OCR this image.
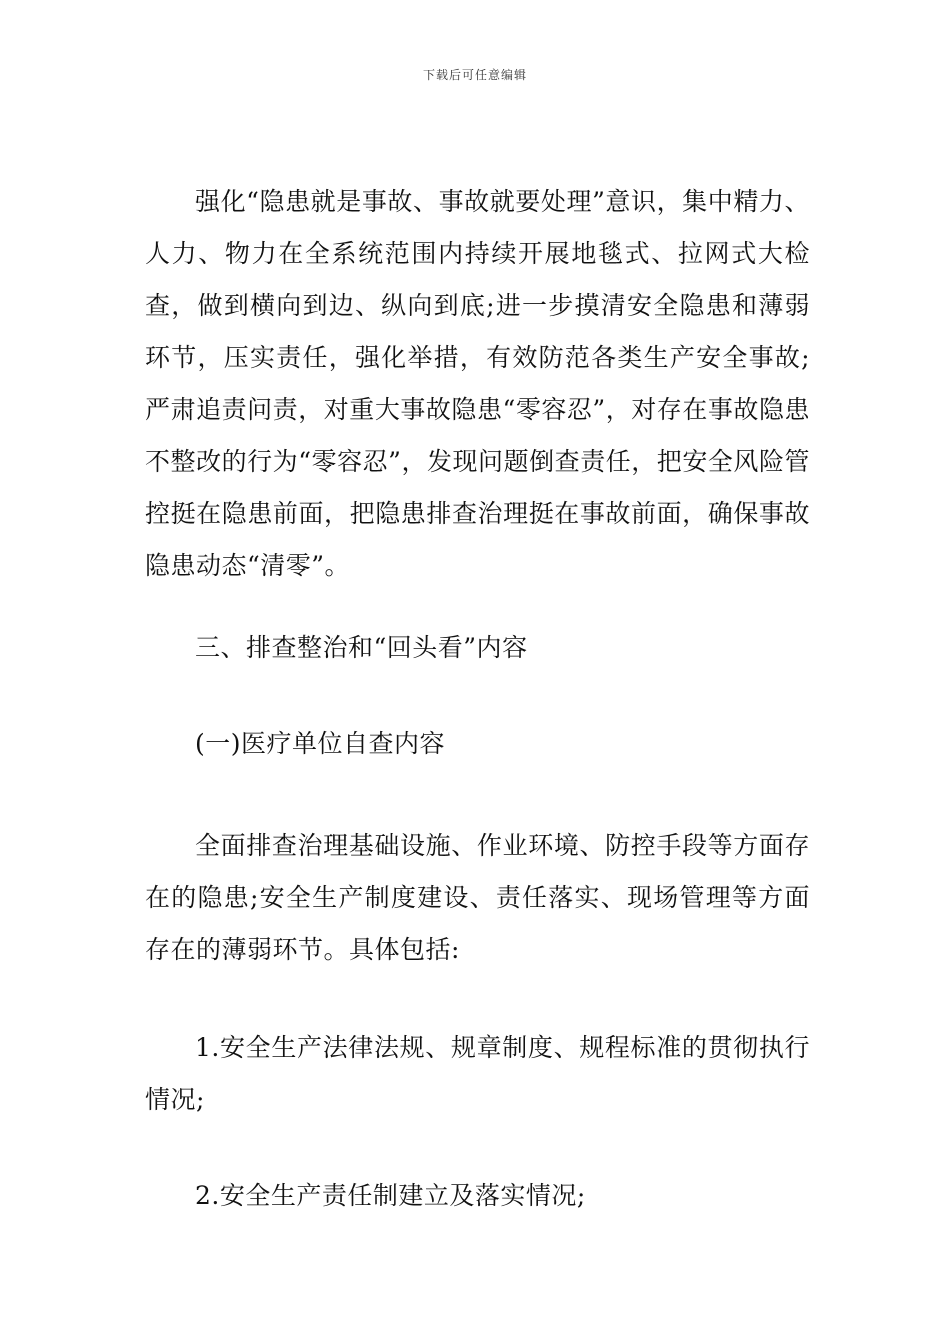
下载后可任意编辑

强化“隐患就是事故、事故就要处理”意识，集中精力、人力、物力在全系统范围内持续开展地毯式、拉网式大检查，做到横向到边、纵向到底;进一步摸清安全隐患和薄弱环节，压实责任，强化举措，有效防范各类生产安全事故;严肃追责问责，对重大事故隐患“零容忍”，对存在事故隐患不整改的行为“零容忍”，发现问题倒查责任，把安全风险管控挺在隐患前面，把隐患排查治理挺在事故前面，确保事故隐患动态“清零”。

三、排查整治和“回头看”内容

(一)医疗单位自查内容

全面排查治理基础设施、作业环境、防控手段等方面存在的隐患;安全生产制度建设、责任落实、现场管理等方面存在的薄弱环节。具体包括:

1.安全生产法律法规、规章制度、规程标准的贯彻执行情况;

2.安全生产责任制建立及落实情况;
